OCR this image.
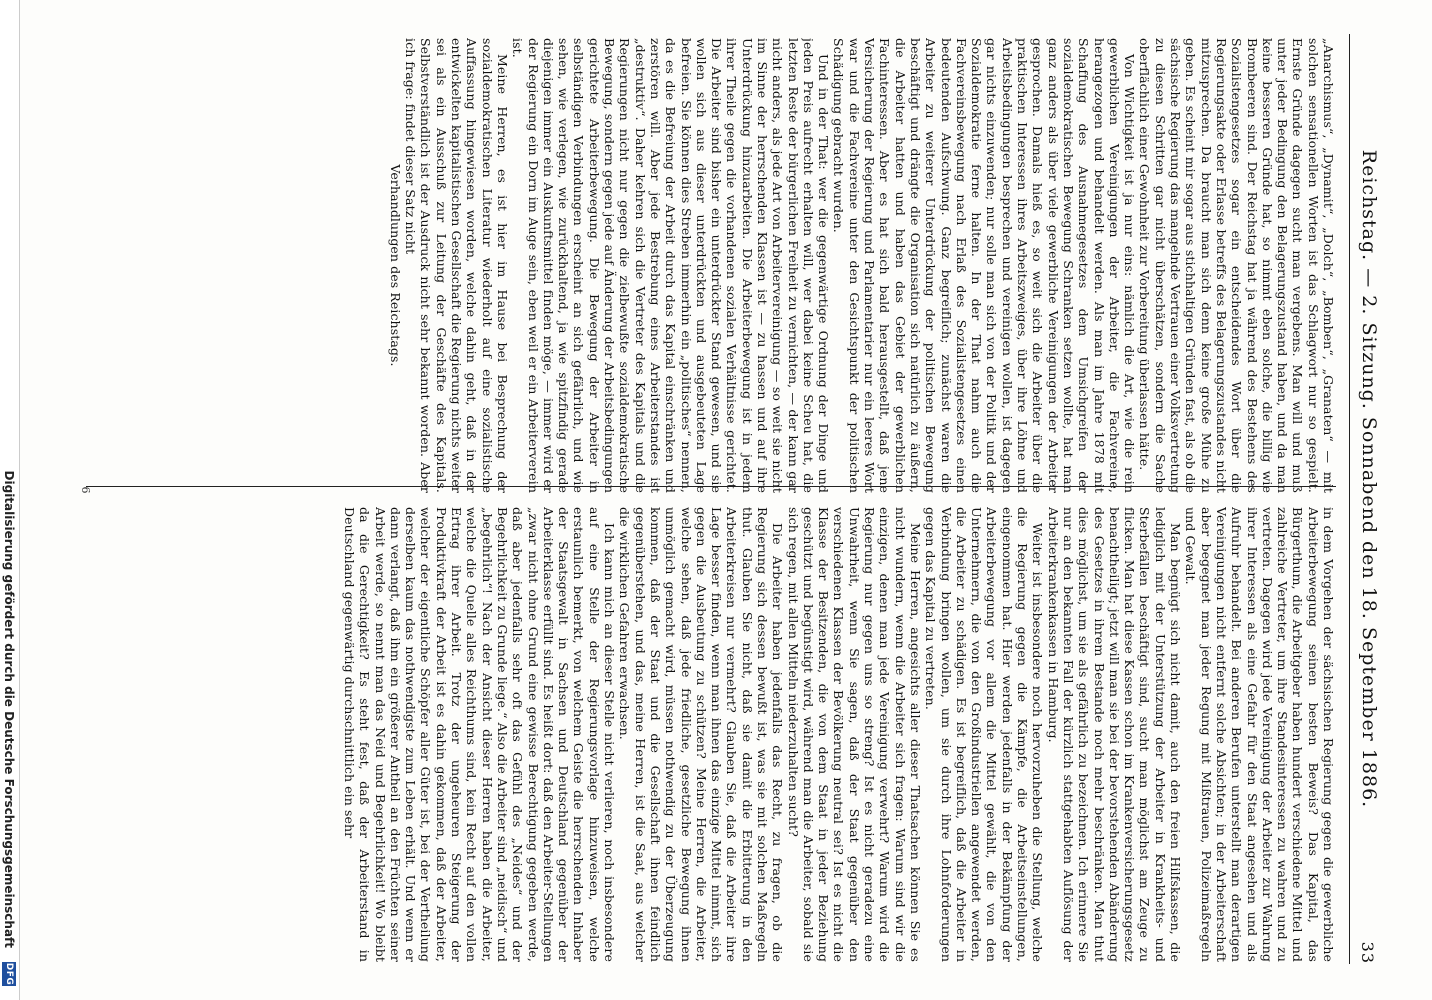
Reichstag. — 2. Sitzung. Sonnabend den 18. September 1886.
33

„Anarchismus“, „Dynamit“, „Dolch“, „Bomben“, „Granaten“ — mit solchen sensationellen Worten ist das Schlagwort nur so gespielt. Ernste Gründe dagegen sucht man vergebens. Man will und muß unter jeder Bedingung den Belagerungszustand haben, und da man keine besseren Gründe hat, so nimmt eben solche, die billig wie Brombeeren sind. Der Reichstag hat ja während des Bestehens des Sozialistengesetzes sogar ein entscheidendes Wort über die Regierungsakte oder Erlasse betreffs des Belagerungszustandes nicht mitzusprechen. Da braucht man sich denn keine große Mühe zu geben. Es scheint mir sogar aus stichhaltigen Gründen fast, als ob die sächsische Regierung das mangelnde Vertrauen einer Volksvertretung zu diesen Schritten gar nicht überschätzen, sondern die Sache oberflächlich einer Gewohnheit zur Vorbereitung überlassen hätte.

Von Wichtigkeit ist ja nur eins: nämlich die Art, wie die rein gewerblichen Vereinigungen der Arbeiter, die Fachvereine, herangezogen und behandelt werden. Als man im Jahre 1878 mit Schaffung des Ausnahmegesetzes dem Umsichgreifen der sozialdemokratischen Bewegung Schranken setzen wollte, hat man ganz anders als über viele gewerbliche Vereinigungen der Arbeiter gesprochen. Damals hieß es, so weit sich die Arbeiter über die praktischen Interessen ihres Arbeitszweiges, über ihre Löhne und Arbeitsbedingungen besprechen und vereinigen wollen, ist dagegen gar nichts einzuwenden; nur solle man sich von der Politik und der Sozialdemokratie ferne halten. In der That nahm auch die Fachvereinsbewegung nach Erlaß des Sozialistengesetzes einen bedeutenden Aufschwung. Ganz begreiflich; zunächst waren die Arbeiter zu weiterer Unterdrückung der politischen Bewegung beschäftigt und drängte die Organisation sich natürlich zu äußern, die Arbeiter hatten und haben das Gebiet der gewerblichen Fachinteressen. Aber es hat sich bald herausgestellt, daß jene Versicherung der Regierung und Parlamentarier nur ein leeres Wort war und die Fachvereine unter den Gesichtspunkt der politischen Schädigung gebracht wurden.

Und in der That: wer die gegenwärtige Ordnung der Dinge und jeden Preis aufrecht erhalten will, wer dabei keine Scheu hat, die letzten Reste der bürgerlichen Freiheit zu vernichten, — der kann gar nicht anders, als jede Art von Arbeitervereinigung — so weit sie nicht im Sinne der herrschenden Klassen ist — zu hassen und auf ihre Unterdrückung hinzuarbeiten. Die Arbeiterbewegung ist in jedem ihrer Theile gegen die vorhandenen sozialen Verhältnisse gerichtet. Die Arbeiter sind bisher ein unterdrückter Stand gewesen, und sie wollen sich aus dieser unterdrückten und ausgebeuteten Lage befreien. Sie können dies Streben immerhin ein „politisches“ nennen, da es die Befreiung der Arbeit durch das Kapital einschränken und zerstören will. Aber jede Bestrebung eines Arbeiterstandes ist „destruktiv“. Daher kehren sich die Vertreter des Kapitals und die Regierungen nicht nur gegen die zielbewußte sozialdemokratische Bewegung, sondern gegen jede auf Änderung der Arbeitsbedingungen gerichtete Arbeiterbewegung. Die Bewegung der Arbeiter in selbständigen Verbindungen erscheint an sich gefährlich, und wie sehen, wie verlegen, wie zurückhaltend, ja wie spitzfindig gerade diejenigen immer ein Auskunftsmittel finden möge, — immer wird er der Regierung ein Dorn im Auge sein, eben weil er ein Arbeiterverein ist.

Meine Herren, es ist hier im Hause bei Besprechung der sozialdemokratischen Literatur wiederholt auf eine sozialistische Auffassung hingewiesen worden, welche dahin geht, daß in der entwickelten kapitalistischen Gesellschaft die Regierung nichts weiter sei als ein Ausschuß zur Leitung der Geschäfte des Kapitals. Selbstverständlich ist der Ausdruck nicht sehr bekannt worden. Aber ich frage: findet dieser Satz nicht

Verhandlungen des Reichstags.

in dem Vorgehen der sächsischen Regierung gegen die gewerbliche Arbeiterbewegung seinen besten Beweis? Das Kapital, das Bürgerthum, die Arbeitgeber haben hundert verschiedene Mittel und zahlreiche Vertreter, um ihre Standesinteressen zu wahren und zu vertreten. Dagegen wird jede Vereinigung der Arbeiter zur Wahrung ihrer Interessen als eine Gefahr für den Staat angesehen und als Aufruhr behandelt. Bei anderen Berufen unterstellt man derartigen Vereinigungen nicht entfernt solche Absichten; in der Arbeiterschaft aber begegnet man jeder Regung mit Mißtrauen, Polizeimaßregeln und Gewalt.

Man begnügt sich nicht damit, auch den freien Hilfskassen, die lediglich mit der Unterstützung der Arbeiter in Krankheits- und Sterbefällen beschäftigt sind, sucht man möglichst am Zeuge zu flicken. Man hat diese Kassen schon im Krankenversicherungsgesetz benachtheiligt; jetzt will man sie bei der bevorstehenden Abänderung des Gesetzes in ihrem Bestande noch mehr beschränken. Man thut dies möglichst, um sie als gefährlich zu bezeichnen. Ich erinnere Sie nur an den bekannten Fall der kürzlich stattgehabten Auflösung der Arbeiterkrankenkassen in Hamburg.

Weiter ist insbesondere noch hervorzuheben die Stellung, welche die Regierung gegen die Kämpfe, die Arbeitseinstellungen, eingenommen hat. Hier werden jedenfalls in der Bekämpfung der Arbeiterbewegung vor allem die Mittel gewählt, die von den Unternehmern, die von den Großindustriellen angewendet werden, die Arbeiter zu schädigen. Es ist begreiflich, daß die Arbeiter in Verbindung bringen wollen, um sie durch ihre Lohnforderungen gegen das Kapital zu vertreten.

Meine Herren, angesichts aller dieser Thatsachen können Sie es nicht wundern, wenn die Arbeiter sich fragen: Warum sind wir die einzigen, denen man jede Vereinigung verwehrt? Warum wird die Regierung nur gegen uns so streng? Ist es nicht geradezu eine Unwahrheit, wenn Sie sagen, daß der Staat gegenüber den verschiedenen Klassen der Bevölkerung neutral sei? Ist es nicht die Klasse der Besitzenden, die von dem Staat in jeder Beziehung geschützt und begünstigt wird, während man die Arbeiter, sobald sie sich regen, mit allen Mitteln niederzuhalten sucht?

Die Arbeiter haben jedenfalls das Recht, zu fragen, ob die Regierung sich dessen bewußt ist, was sie mit solchen Maßregeln thut. Glauben Sie nicht, daß sie damit die Erbitterung in den Arbeiterkreisen nur vermehrt? Glauben Sie, daß die Arbeiter ihre Lage besser finden, wenn man ihnen das einzige Mittel nimmt, sich gegen die Ausbeutung zu schützen? Meine Herren, die Arbeiter, welche sehen, daß jede friedliche, gesetzliche Bewegung ihnen unmöglich gemacht wird, müssen nothwendig zu der Überzeugung kommen, daß der Staat und die Gesellschaft ihnen feindlich gegenüberstehen, und das, meine Herren, ist die Saat, aus welcher die wirklichen Gefahren erwachsen.

Ich kann mich an dieser Stelle nicht verlieren, noch insbesondere auf eine Stelle der Regierungsvorlage hinzuweisen, welche erstaunlich bemerkt, von welchem Geiste die herrschenden Inhaber der Staatsgewalt in Sachsen und Deutschland gegenüber der Arbeiterklasse erfüllt sind. Es heißt dort: daß den Arbeiter-Stellungen „zwar nicht ohne Grund eine gewisse Berechtigung gegeben werde, daß aber jedenfalls sehr oft das Gefühl des „Neides“ und der Begehrlichkeit zu Grunde liege.“ Also die Arbeiter sind „neidisch“ und „begehrlich“! Nach der Ansicht dieser Herren haben die Arbeiter, welche die Quelle alles Reichthums sind, kein Recht auf den vollen Ertrag ihrer Arbeit. Trotz der ungeheuren Steigerung der Produktivkraft der Arbeit ist es dahin gekommen, daß der Arbeiter, welcher der eigentliche Schöpfer aller Güter ist, bei der Vertheilung derselben kaum das nothwendigste zum Leben erhält. Und wenn er dann verlangt, daß ihm ein größerer Antheil an den Früchten seiner Arbeit werde, so nennt man das Neid und Begehrlichkeit! Wo bleibt da die Gerechtigkeit? Es steht fest, daß der Arbeiterstand in Deutschland gegenwärtig durchschnittlich ein sehr

6
Digitalisierung gefördert durch die Deutsche Forschungsgemeinschaft
DFG
